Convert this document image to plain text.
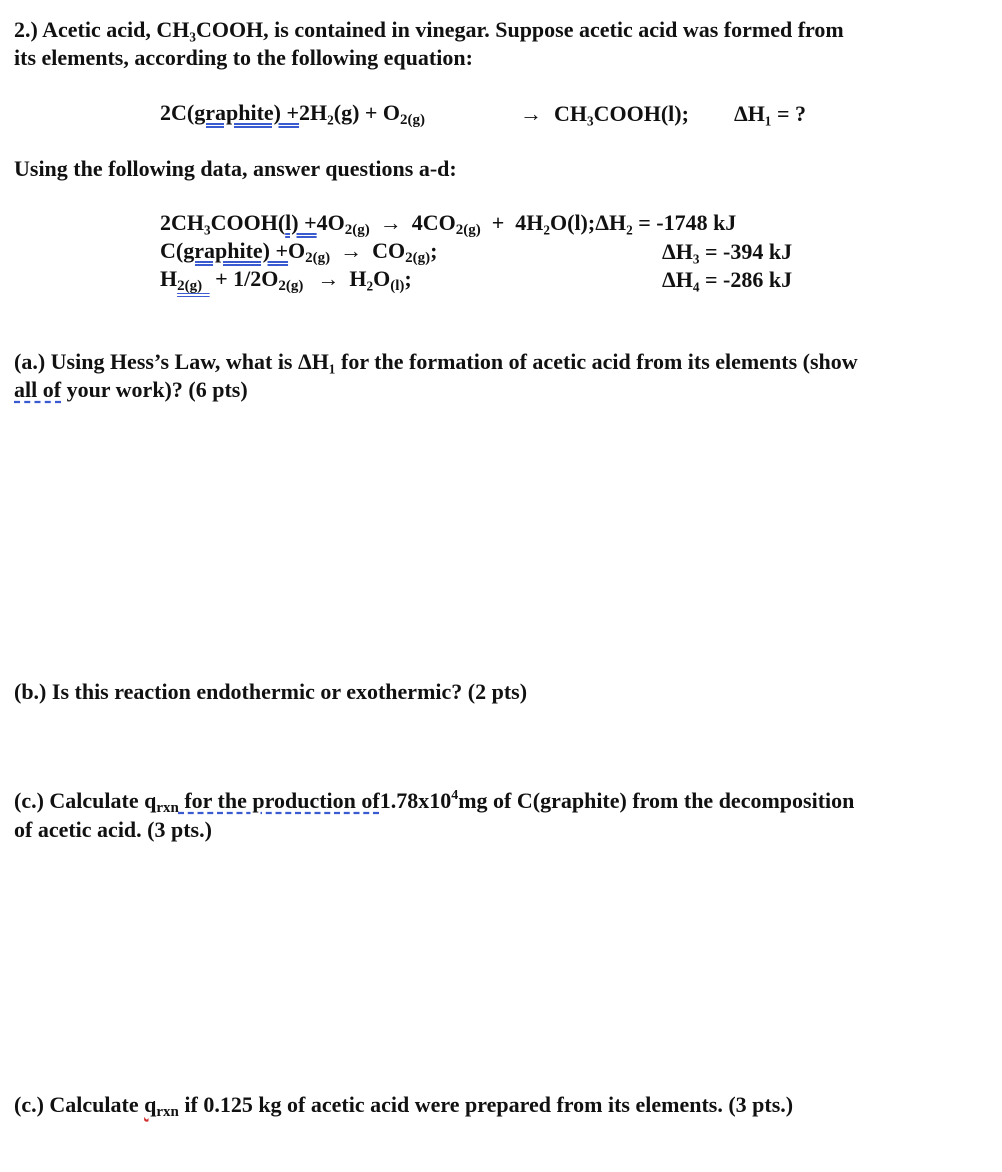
2.) Acetic acid, CH₃COOH, is contained in vinegar. Suppose acetic acid was formed from
its elements, according to the following equation:
2C( graphite) + 2H₂(g) + O 2(g)	→ CH₃COOH(l); ΔH₁ = ?
Using the following data, answer questions a-d:
2CH₃COOH( l) + 4O 2(g) → 4CO 2(g) +  4H₂O(l);ΔH₂ = -1748 kJ
C( graphite) + O 2(g) → CO 2(g) ;	ΔH₃ = -394 kJ
H 2(g) + 1/2O 2(g) → H₂O (l) ;	ΔH₄ = -286 kJ
(a.) Using Hess’s Law, what is ΔH₁ for the formation of acetic acid from its elements (show
all of your work)? (6 pts)
(b.) Is this reaction endothermic or exothermic? (2 pts)
(c.) Calculate q rxn for the production of 1.78x10 4 mg of C(graphite) from the decomposition
of acetic acid. (3 pts.)
(c.) Calculate qrxn if 0.125 kg of acetic acid were prepared from its elements. (3 pts.)
